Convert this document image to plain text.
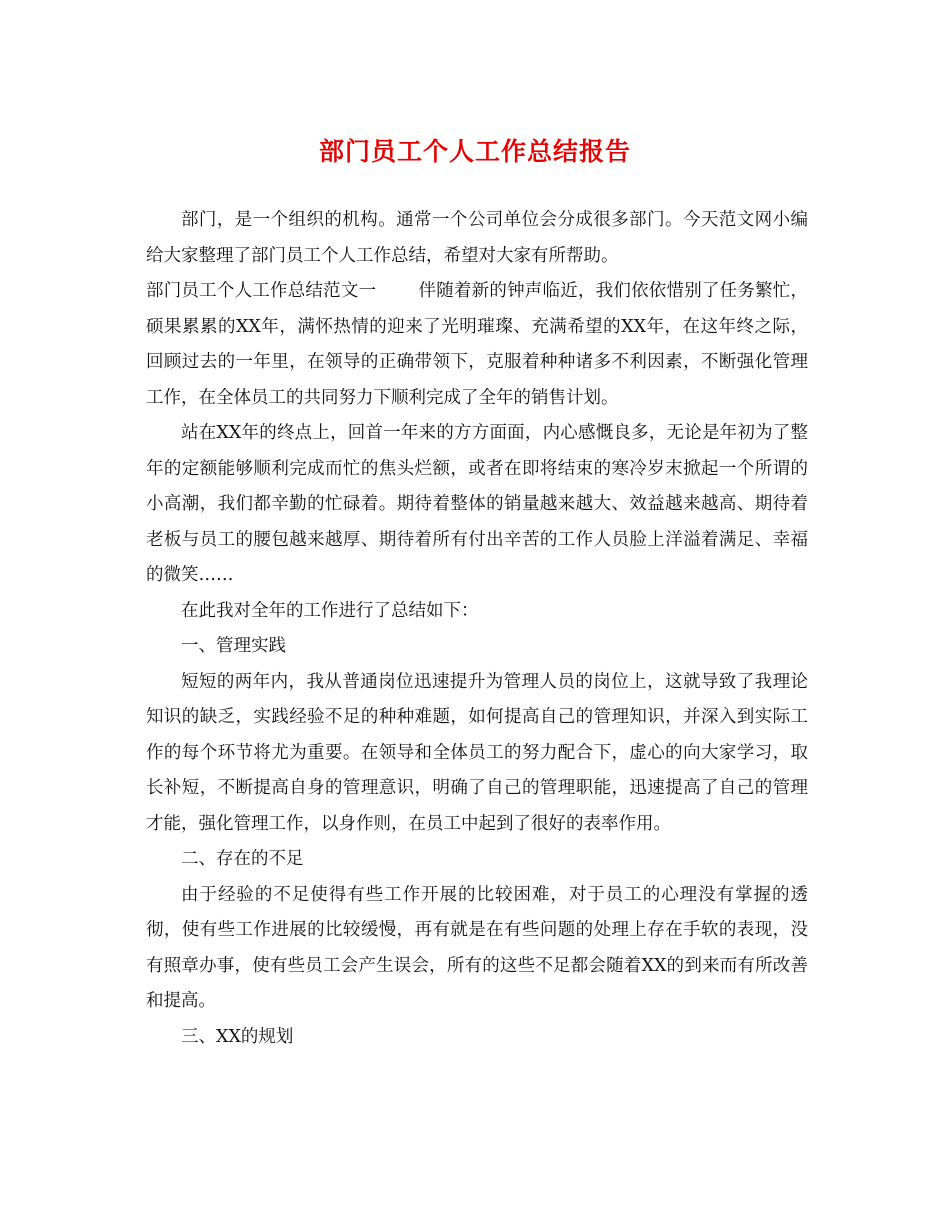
部门员工个人工作总结报告

部门，是一个组织的机构。通常一个公司单位会分成很多部门。今天范文网小编给大家整理了部门员工个人工作总结，希望对大家有所帮助。

部门员工个人工作总结范文一 伴随着新的钟声临近，我们依依惜别了任务繁忙，硕果累累的XX年，满怀热情的迎来了光明璀璨、充满希望的XX年，在这年终之际，回顾过去的一年里，在领导的正确带领下，克服着种种诸多不利因素，不断强化管理工作，在全体员工的共同努力下顺利完成了全年的销售计划。

站在XX年的终点上，回首一年来的方方面面，内心感慨良多，无论是年初为了整年的定额能够顺利完成而忙的焦头烂额，或者在即将结束的寒冷岁末掀起一个所谓的小高潮，我们都辛勤的忙碌着。期待着整体的销量越来越大、效益越来越高、期待着老板与员工的腰包越来越厚、期待着所有付出辛苦的工作人员脸上洋溢着满足、幸福的微笑……

在此我对全年的工作进行了总结如下：

一、管理实践

短短的两年内，我从普通岗位迅速提升为管理人员的岗位上，这就导致了我理论知识的缺乏，实践经验不足的种种难题，如何提高自己的管理知识，并深入到实际工作的每个环节将尤为重要。在领导和全体员工的努力配合下，虚心的向大家学习，取长补短，不断提高自身的管理意识，明确了自己的管理职能，迅速提高了自己的管理才能，强化管理工作，以身作则，在员工中起到了很好的表率作用。

二、存在的不足

由于经验的不足使得有些工作开展的比较困难，对于员工的心理没有掌握的透彻，使有些工作进展的比较缓慢，再有就是在有些问题的处理上存在手软的表现，没有照章办事，使有些员工会产生误会，所有的这些不足都会随着XX的到来而有所改善和提高。

三、XX的规划
